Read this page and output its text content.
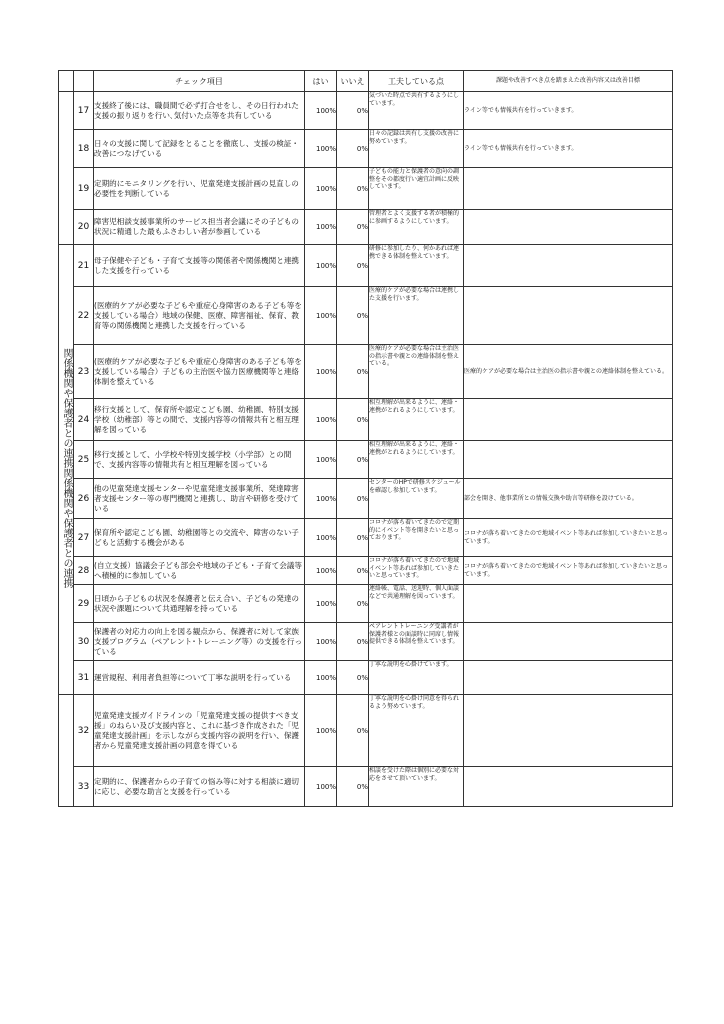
		チェック項目	はい	いいえ	工夫している点	課題や改善すべき点を踏まえた改善内容又は改善目標
	17	支援終了後には、職員間で必ず打合せをし、その日行われた支援の振り返りを行い､気付いた点等を共有している	100%	0%	気づいた時点で共有するようにしています。	ライン等でも情報共有を行っていきます。
	18	日々の支援に関して記録をとることを徹底し、支援の検証・改善につなげている	100%	0%	日々の記録は共有し支援の改善に努めています。	ライン等でも情報共有を行っていきます。
	19	定期的にモニタリングを行い、児童発達支援計画の見直しの必要性を判断している	100%	0%	子どもの能力と保護者の意向の調整をその都度行い適宜計画に反映しています。	
	20	障害児相談支援事業所のサービス担当者会議にその子どもの状況に精通した最もふさわしい者が参画している	100%	0%	管理者とよく支援する者が積極的に参画するようにしています。	
関係機関や保護者との連携関係機関や保護者との連携	21	母子保健や子ども・子育て支援等の関係者や関係機関と連携した支援を行っている	100%	0%	研修に参加したり、何かあれば連携できる体制を整えています。	
	22	(医療的ケアが必要な子どもや重症心身障害のある子ども等を支援している場合）地域の保健、医療、障害福祉、保育、教育等の関係機関と連携した支援を行っている	100%	0%	医療的ケアが必要な場合は連携した支援を行います。	
	23	(医療的ケアが必要な子どもや重症心身障害のある子ども等を支援している場合）子どもの主治医や協力医療機関等と連絡体制を整えている	100%	0%	医療的ケアが必要な場合は主治医の指示書や親との連絡体制を整えている。	医療的ケアが必要な場合は主治医の指示書や親との連絡体制を整えている。
	24	移行支援として、保育所や認定こども園、幼稚園、特別支援学校（幼稚部）等との間で、支援内容等の情報共有と相互理解を図っている	100%	0%	相互理解が出来るように、連絡・連携がとれるようにしています。	
	25	移行支援として、小学校や特別支援学校（小学部）との間で、支援内容等の情報共有と相互理解を図っている	100%	0%	相互理解が出来るように、連絡・連携がとれるようにしています。	
	26	他の児童発達支援センターや児童発達支援事業所、発達障害者支援センター等の専門機関と連携し、助言や研修を受けている	100%	0%	センターのHPで研修スケジュールを確認し参加しています。	部会を開き、他事業所との情報交換や助言等研修を設けている。
	27	保育所や認定こども園、幼稚園等との交流や、障害のない子どもと活動する機会がある	100%	0%	コロナが落ち着いてきたので定期的にイベント等を開きたいと思っております。	コロナが落ち着いてきたので地域イベント等あれば参加していきたいと思っています。
	28	(自立支援）協議会子ども部会や地域の子ども・子育て会議等へ積極的に参加している	100%	0%	コロナが落ち着いてきたので地域イベント等あれば参加していきたいと思っています。	コロナが落ち着いてきたので地域イベント等あれば参加していきたいと思っています。
	29	日頃から子どもの状況を保護者と伝え合い、子どもの発達の状況や課題について共通理解を持っている	100%	0%	連絡帳、電話、送迎時、個人面談などで共通理解を図っています。	
	30	保護者の対応力の向上を図る観点から、保護者に対して家族支援プログラム（ペアレント･トレーニング等）の支援を行っている	100%	0%	ペアレントトレーニング受講者が保護者様との面談時に同席し情報提供できる体制を整えています。	
	31	運営規程、利用者負担等について丁寧な説明を行っている	100%	0%	丁寧な説明を心掛けています。	
	32	児童発達支援ガイドラインの「児童発達支援の提供すべき支援」のねらい及び支援内容と、これに基づき作成された「児童発達支援計画」を示しながら支援内容の説明を行い、保護者から児童発達支援計画の同意を得ている	100%	0%	丁寧な説明を心掛け同意を得られるよう努めています。	
	33	定期的に、保護者からの子育ての悩み等に対する相談に適切に応じ、必要な助言と支援を行っている	100%	0%	相談を受けた際は個別に必要な対応をさせて頂いています。	
